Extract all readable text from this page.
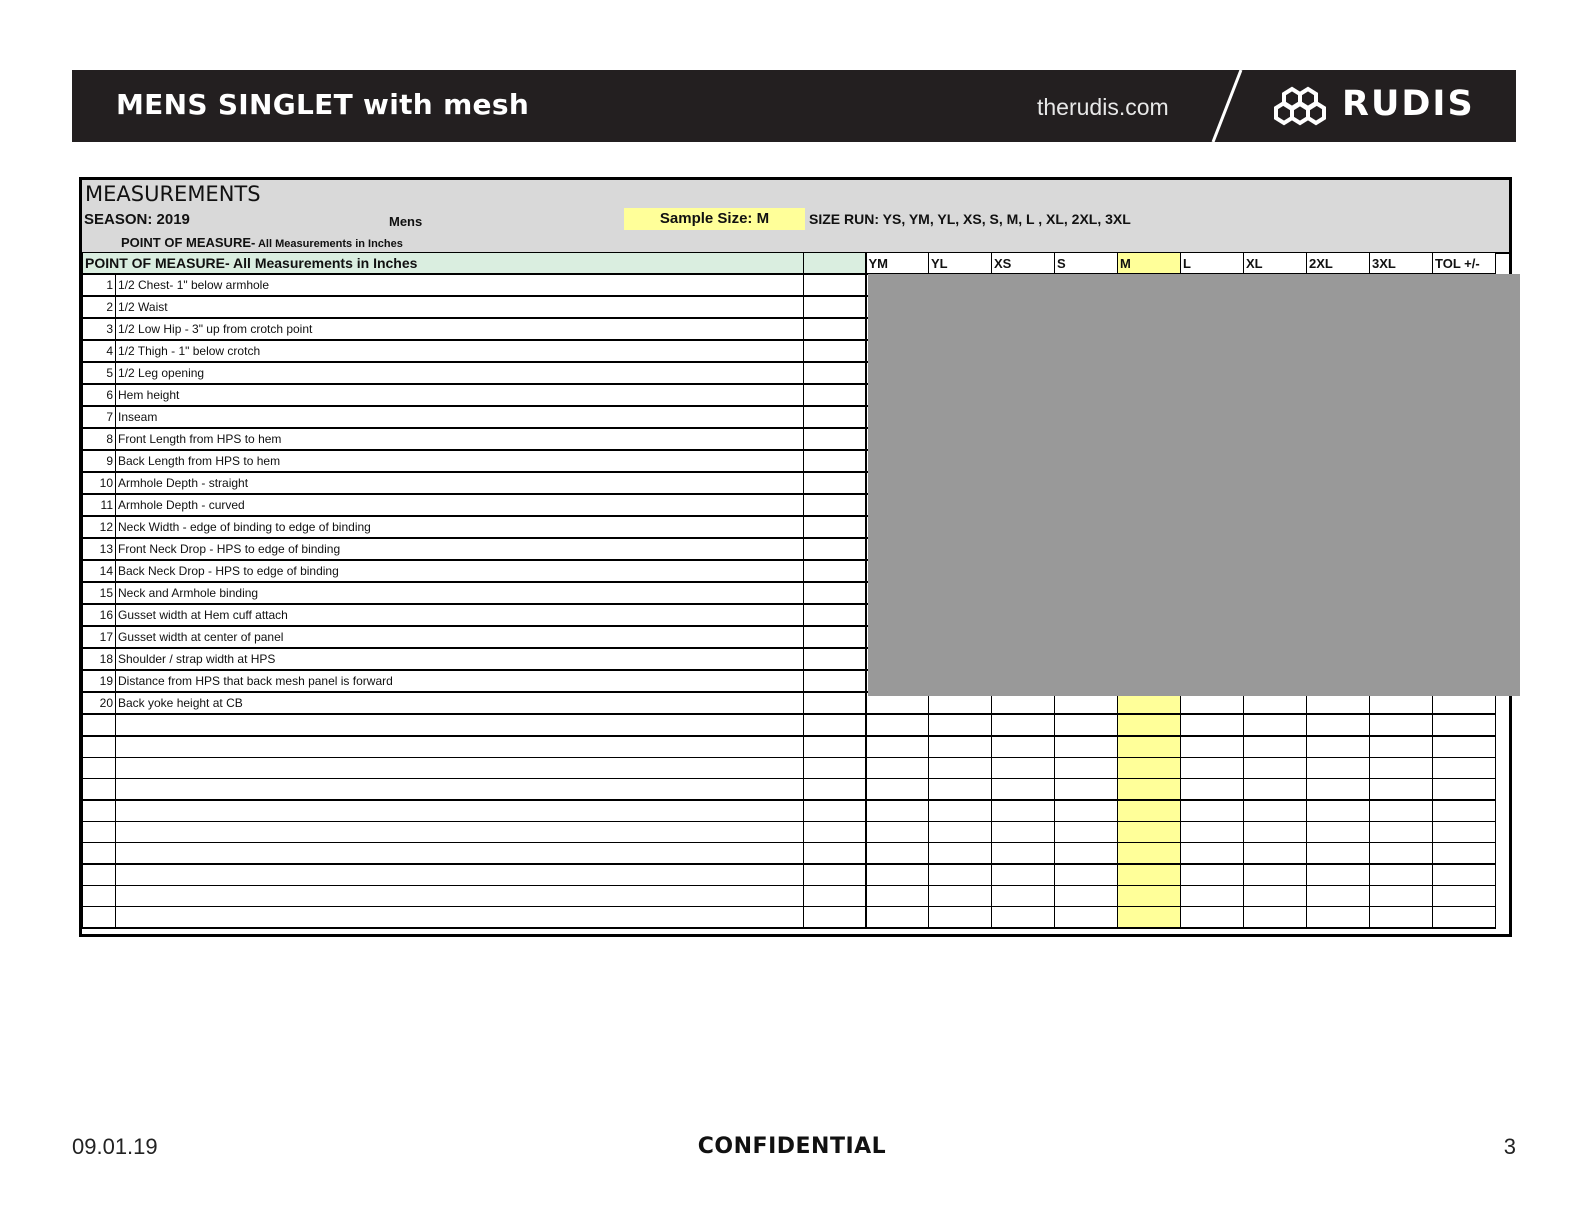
MENS SINGLET with mesh	therudis.com	RUDIS
MEASUREMENTS
SEASON: 2019	Mens	Sample Size: M	SIZE RUN: YS, YM, YL, XS, S, M, L , XL, 2XL, 3XL
POINT OF MEASURE- All Measurements in Inches
POINT OF MEASURE- All Measurements in Inches			YM	YL	XS	S	M	L	XL	2XL	3XL	TOL +/-
1	1/2 Chest- 1" below armhole											
2	1/2 Waist											
3	1/2 Low Hip - 3" up from crotch point											
4	1/2 Thigh - 1" below crotch											
5	1/2 Leg opening											
6	Hem height											
7	Inseam											
8	Front Length from HPS to hem											
9	Back Length from HPS to hem											
10	Armhole Depth - straight											
11	Armhole Depth - curved											
12	Neck Width - edge of binding to edge of binding											
13	Front Neck Drop - HPS to edge of binding											
14	Back Neck Drop - HPS to edge of binding											
15	Neck and Armhole binding											
16	Gusset width at Hem cuff attach											
17	Gusset width at center of panel											
18	Shoulder / strap width at HPS											
19	Distance from HPS that back mesh panel is forward											
20	Back yoke height at CB											

09.01.19	CONFIDENTIAL	3
